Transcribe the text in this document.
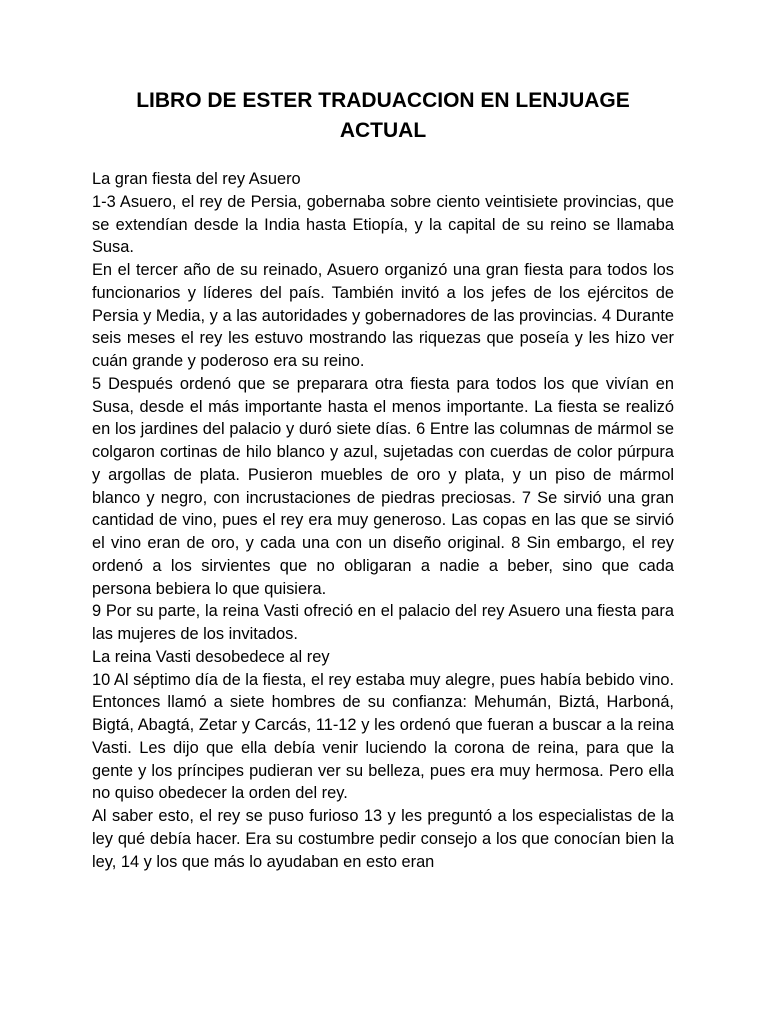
LIBRO DE ESTER TRADUACCION EN LENJUAGE ACTUAL

La gran fiesta del rey Asuero

1-3 Asuero, el rey de Persia, gobernaba sobre ciento veintisiete provincias, que se extendían desde la India hasta Etiopía, y la capital de su reino se llamaba Susa.

En el tercer año de su reinado, Asuero organizó una gran fiesta para todos los funcionarios y líderes del país. También invitó a los jefes de los ejércitos de Persia y Media, y a las autoridades y gobernadores de las provincias. 4 Durante seis meses el rey les estuvo mostrando las riquezas que poseía y les hizo ver cuán grande y poderoso era su reino.

5 Después ordenó que se preparara otra fiesta para todos los que vivían en Susa, desde el más importante hasta el menos importante. La fiesta se realizó en los jardines del palacio y duró siete días. 6 Entre las columnas de mármol se colgaron cortinas de hilo blanco y azul, sujetadas con cuerdas de color púrpura y argollas de plata. Pusieron muebles de oro y plata, y un piso de mármol blanco y negro, con incrustaciones de piedras preciosas. 7 Se sirvió una gran cantidad de vino, pues el rey era muy generoso. Las copas en las que se sirvió el vino eran de oro, y cada una con un diseño original. 8 Sin embargo, el rey ordenó a los sirvientes que no obligaran a nadie a beber, sino que cada persona bebiera lo que quisiera.

9 Por su parte, la reina Vasti ofreció en el palacio del rey Asuero una fiesta para las mujeres de los invitados.

La reina Vasti desobedece al rey

10 Al séptimo día de la fiesta, el rey estaba muy alegre, pues había bebido vino. Entonces llamó a siete hombres de su confianza: Mehumán, Biztá, Harboná, Bigtá, Abagtá, Zetar y Carcás, 11-12 y les ordenó que fueran a buscar a la reina Vasti. Les dijo que ella debía venir luciendo la corona de reina, para que la gente y los príncipes pudieran ver su belleza, pues era muy hermosa. Pero ella no quiso obedecer la orden del rey.

Al saber esto, el rey se puso furioso 13 y les preguntó a los especialistas de la ley qué debía hacer. Era su costumbre pedir consejo a los que conocían bien la ley, 14 y los que más lo ayudaban en esto eran
